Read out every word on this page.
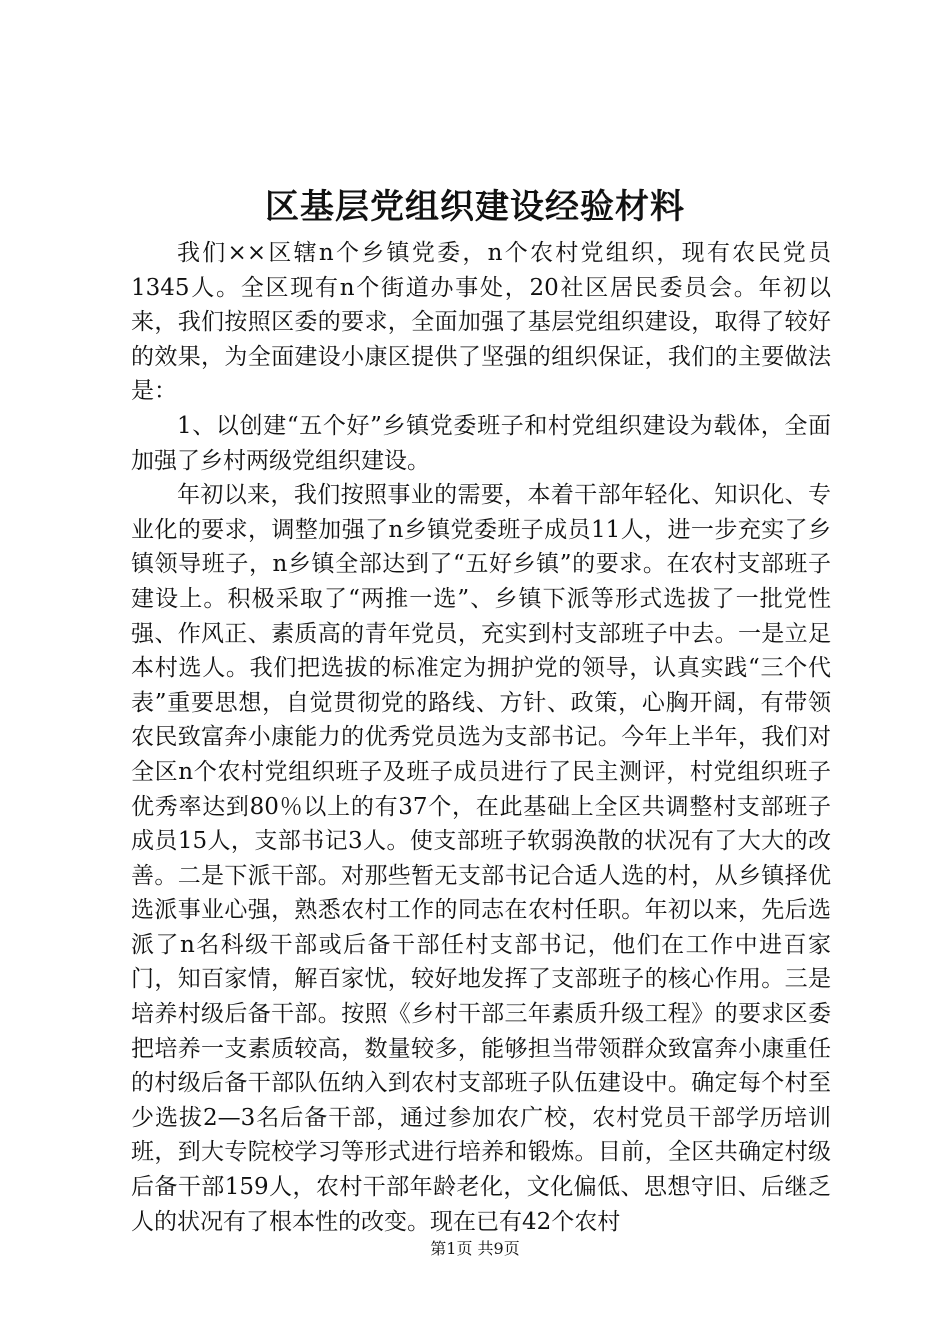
区基层党组织建设经验材料

我们××区辖n个乡镇党委，n个农村党组织，现有农民党员1345人。全区现有n个街道办事处，20社区居民委员会。年初以来，我们按照区委的要求，全面加强了基层党组织建设，取得了较好的效果，为全面建设小康区提供了坚强的组织保证，我们的主要做法是：

1、以创建“五个好”乡镇党委班子和村党组织建设为载体，全面加强了乡村两级党组织建设。

年初以来，我们按照事业的需要，本着干部年轻化、知识化、专业化的要求，调整加强了n乡镇党委班子成员11人，进一步充实了乡镇领导班子，n乡镇全部达到了“五好乡镇”的要求。在农村支部班子建设上。积极采取了“两推一选”、乡镇下派等形式选拔了一批党性强、作风正、素质高的青年党员，充实到村支部班子中去。一是立足本村选人。我们把选拔的标准定为拥护党的领导，认真实践“三个代表”重要思想，自觉贯彻党的路线、方针、政策，心胸开阔，有带领农民致富奔小康能力的优秀党员选为支部书记。今年上半年，我们对全区n个农村党组织班子及班子成员进行了民主测评，村党组织班子优秀率达到80％以上的有37个，在此基础上全区共调整村支部班子成员15人，支部书记3人。使支部班子软弱涣散的状况有了大大的改善。二是下派干部。对那些暂无支部书记合适人选的村，从乡镇择优选派事业心强，熟悉农村工作的同志在农村任职。年初以来，先后选派了n名科级干部或后备干部任村支部书记，他们在工作中进百家门，知百家情，解百家忧，较好地发挥了支部班子的核心作用。三是培养村级后备干部。按照《乡村干部三年素质升级工程》的要求区委把培养一支素质较高，数量较多，能够担当带领群众致富奔小康重任的村级后备干部队伍纳入到农村支部班子队伍建设中。确定每个村至少选拔2—3名后备干部，通过参加农广校，农村党员干部学历培训班，到大专院校学习等形式进行培养和锻炼。目前，全区共确定村级后备干部159人，农村干部年龄老化，文化偏低、思想守旧、后继乏人的状况有了根本性的改变。现在已有42个农村

第1页 共9页
